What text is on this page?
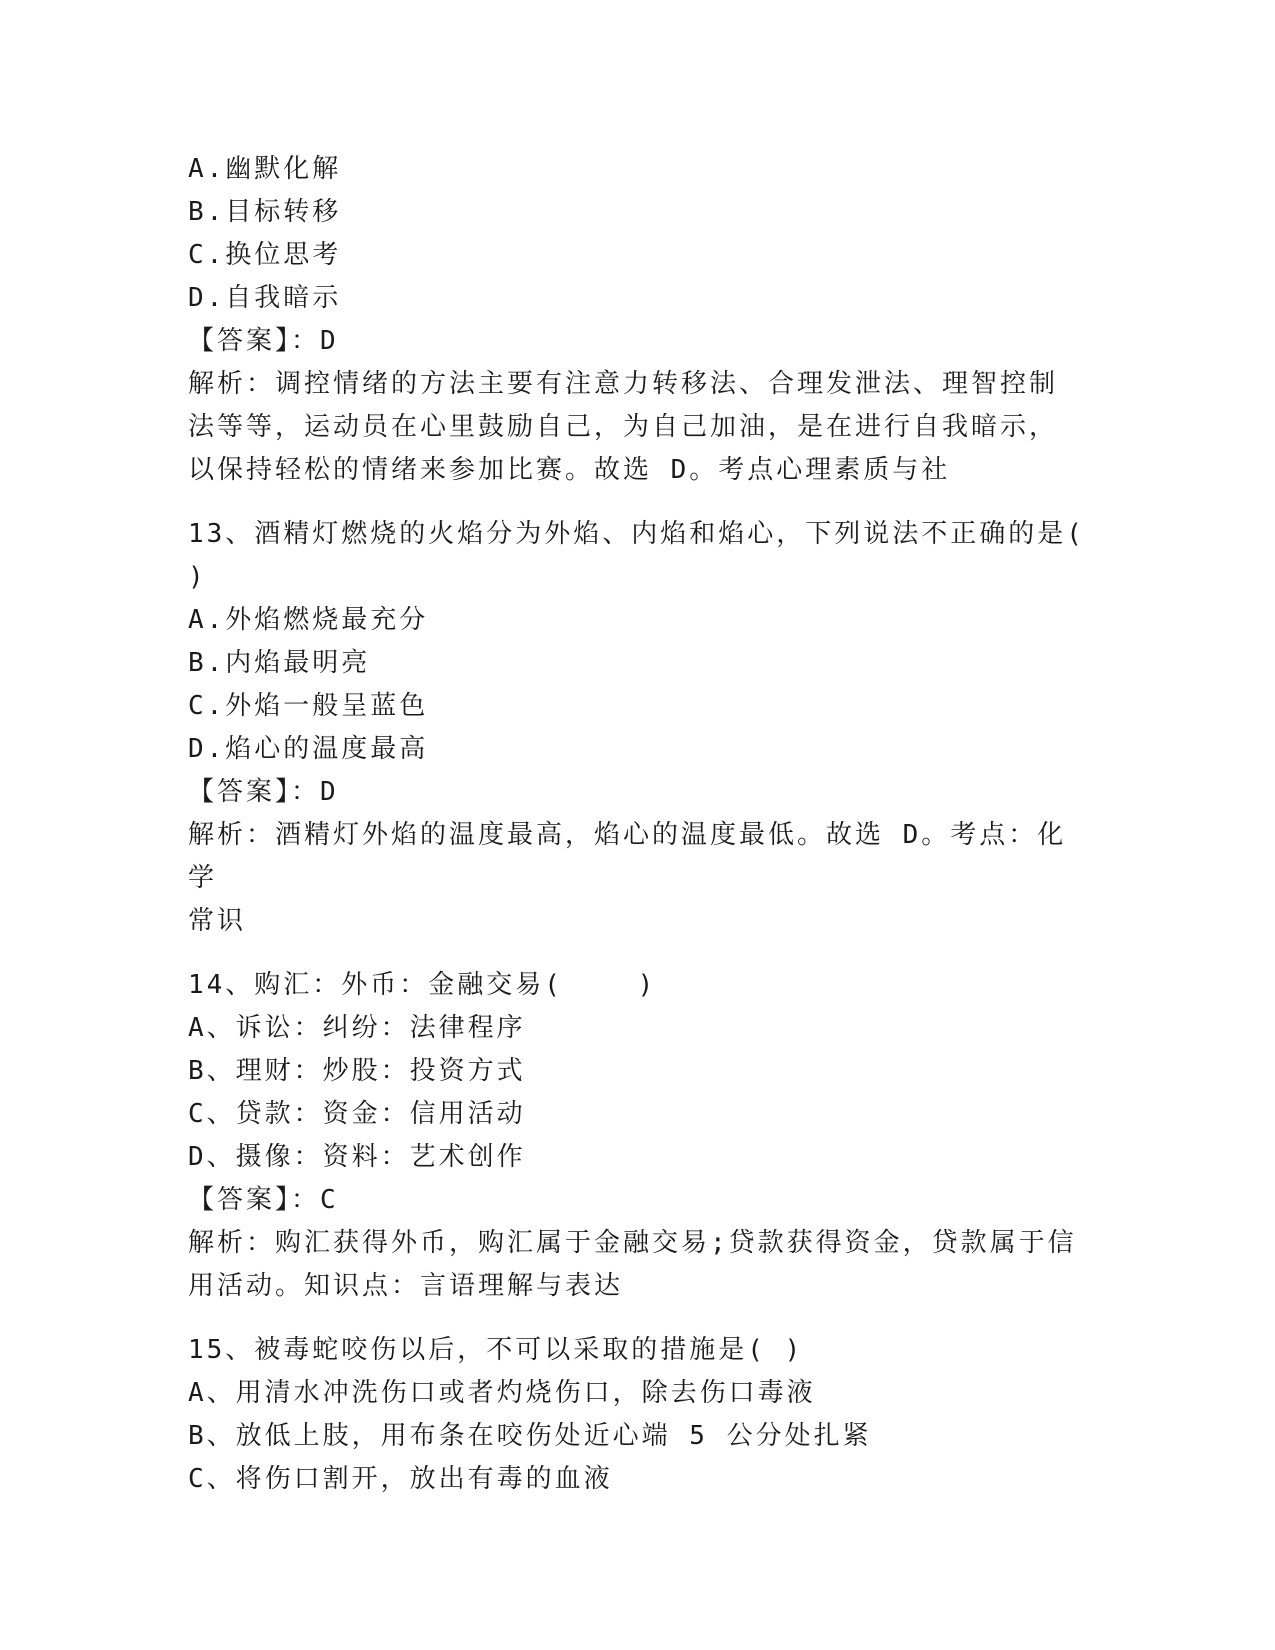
A.幽默化解

B.目标转移

C.换位思考

D.自我暗示

【答案】：D

解析：调控情绪的方法主要有注意力转移法、合理发泄法、理智控制

法等等，运动员在心里鼓励自己，为自己加油，是在进行自我暗示，

以保持轻松的情绪来参加比赛。故选 D。考点心理素质与社

13、酒精灯燃烧的火焰分为外焰、内焰和焰心，下列说法不正确的是(

)

A.外焰燃烧最充分

B.内焰最明亮

C.外焰一般呈蓝色

D.焰心的温度最高

【答案】：D

解析：酒精灯外焰的温度最高，焰心的温度最低。故选 D。考点：化学

常识

14、购汇：外币：金融交易(    )

A、诉讼：纠纷：法律程序

B、理财：炒股：投资方式

C、贷款：资金：信用活动

D、摄像：资料：艺术创作

【答案】：C

解析：购汇获得外币，购汇属于金融交易;贷款获得资金，贷款属于信

用活动。知识点：言语理解与表达

15、被毒蛇咬伤以后，不可以采取的措施是( )

A、用清水冲洗伤口或者灼烧伤口，除去伤口毒液

B、放低上肢，用布条在咬伤处近心端 5 公分处扎紧

C、将伤口割开，放出有毒的血液
